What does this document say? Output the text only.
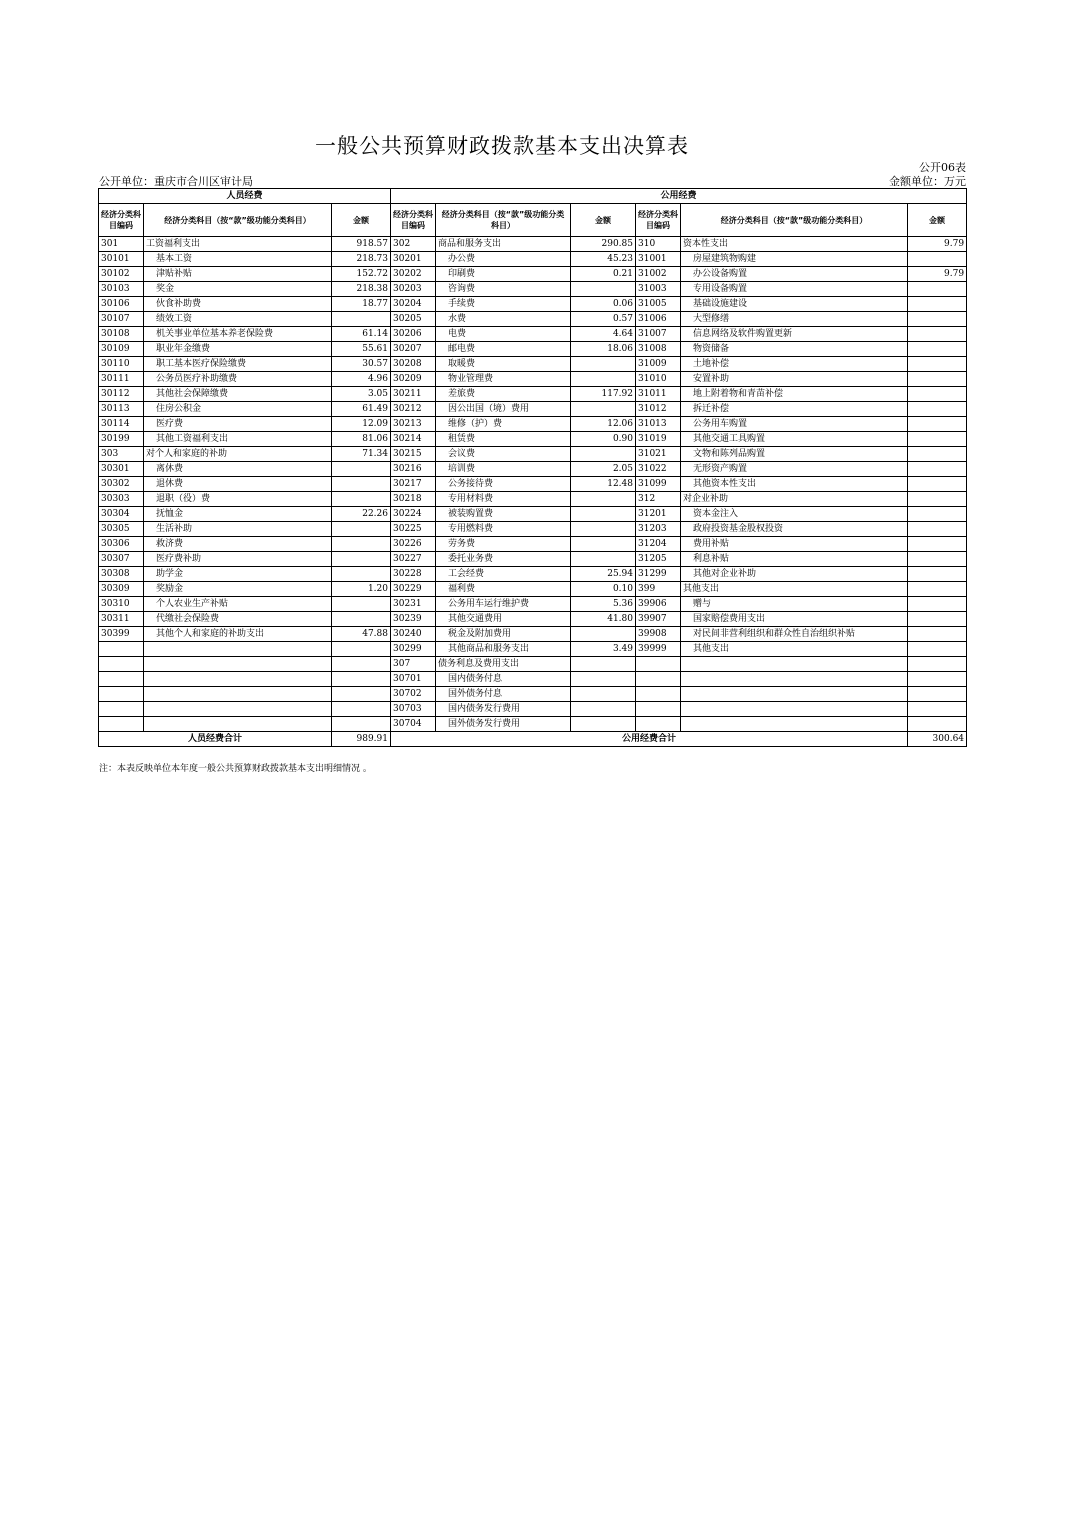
一般公共预算财政拨款基本支出决算表
公开06表
公开单位：重庆市合川区审计局	金额单位：万元
人员经费			公用经费					
经济分类科目编码	经济分类科目（按“款”级功能分类科目）	金额	经济分类科目编码	经济分类科目（按“款”级功能分类科目）	金额	经济分类科目编码	经济分类科目（按“款”级功能分类科目）	金额
301	工资福利支出	918.57	302	商品和服务支出	290.85	310	资本性支出	9.79
30101	基本工资	218.73	30201	办公费	45.23	31001	房屋建筑物购建	
30102	津贴补贴	152.72	30202	印刷费	0.21	31002	办公设备购置	9.79
30103	奖金	218.38	30203	咨询费		31003	专用设备购置	
30106	伙食补助费	18.77	30204	手续费	0.06	31005	基础设施建设	
30107	绩效工资		30205	水费	0.57	31006	大型修缮	
30108	机关事业单位基本养老保险费	61.14	30206	电费	4.64	31007	信息网络及软件购置更新	
30109	职业年金缴费	55.61	30207	邮电费	18.06	31008	物资储备	
30110	职工基本医疗保险缴费	30.57	30208	取暖费		31009	土地补偿	
30111	公务员医疗补助缴费	4.96	30209	物业管理费		31010	安置补助	
30112	其他社会保障缴费	3.05	30211	差旅费	117.92	31011	地上附着物和青苗补偿	
30113	住房公积金	61.49	30212	因公出国（境）费用		31012	拆迁补偿	
30114	医疗费	12.09	30213	维修（护）费	12.06	31013	公务用车购置	
30199	其他工资福利支出	81.06	30214	租赁费	0.90	31019	其他交通工具购置	
303	对个人和家庭的补助	71.34	30215	会议费		31021	文物和陈列品购置	
30301	离休费		30216	培训费	2.05	31022	无形资产购置	
30302	退休费		30217	公务接待费	12.48	31099	其他资本性支出	
30303	退职（役）费		30218	专用材料费		312	对企业补助	
30304	抚恤金	22.26	30224	被装购置费		31201	资本金注入	
30305	生活补助		30225	专用燃料费		31203	政府投资基金股权投资	
30306	救济费		30226	劳务费		31204	费用补贴	
30307	医疗费补助		30227	委托业务费		31205	利息补贴	
30308	助学金		30228	工会经费	25.94	31299	其他对企业补助	
30309	奖励金	1.20	30229	福利费	0.10	399	其他支出	
30310	个人农业生产补贴		30231	公务用车运行维护费	5.36	39906	赠与	
30311	代缴社会保险费		30239	其他交通费用	41.80	39907	国家赔偿费用支出	
30399	其他个人和家庭的补助支出	47.88	30240	税金及附加费用		39908	对民间非营利组织和群众性自治组织补贴	
			30299	其他商品和服务支出	3.49	39999	其他支出	
			307	债务利息及费用支出				
			30701	国内债务付息				
			30702	国外债务付息				
			30703	国内债务发行费用				
			30704	国外债务发行费用				
人员经费合计		989.91	公用经费合计					300.64
注：本表反映单位本年度一般公共预算财政拨款基本支出明细情况 。
